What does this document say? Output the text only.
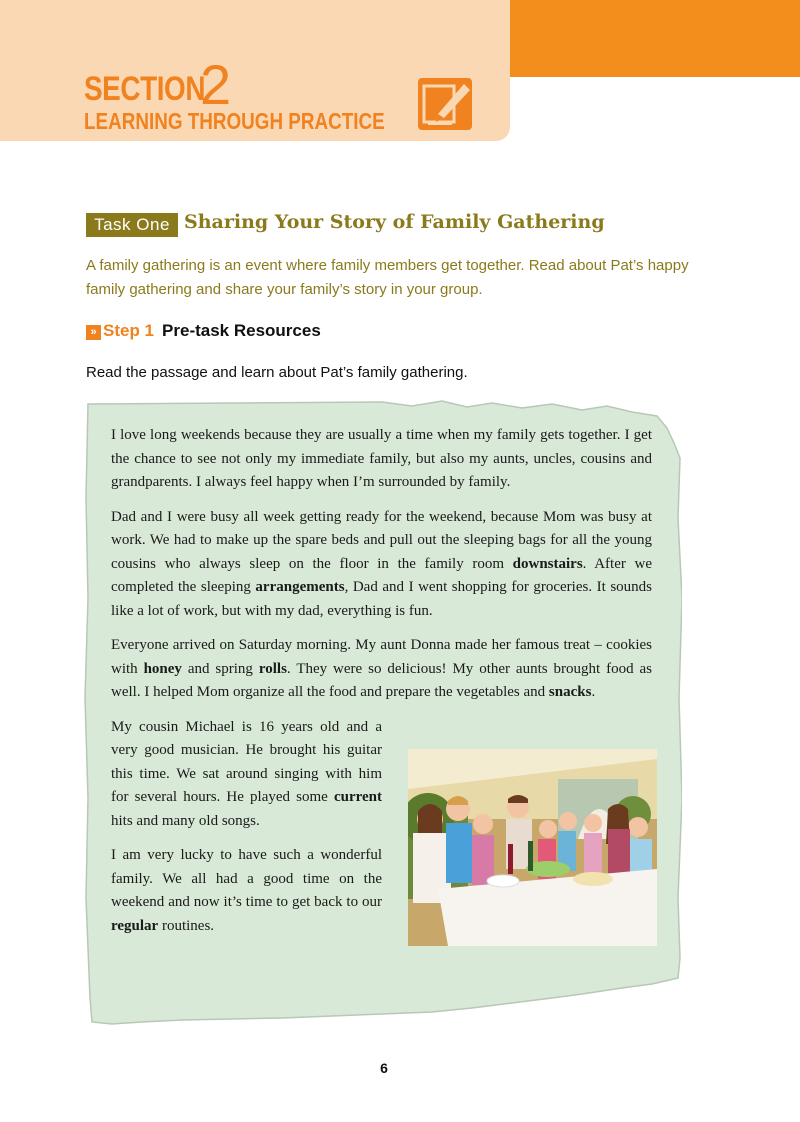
SECTION
2
LEARNING THROUGH PRACTICE
Task One Sharing Your Story of Family Gathering
A family gathering is an event where family members get together. Read about Pat’s happy family gathering and share your family’s story in your group.
» Step 1 Pre-task Resources
Read the passage and learn about Pat’s family gathering.

I love long weekends because they are usually a time when my family gets together. I get the chance to see not only my immediate family, but also my aunts, uncles, cousins and grandparents. I always feel happy when I’m surrounded by family.

Dad and I were busy all week getting ready for the weekend, because Mom was busy at work. We had to make up the spare beds and pull out the sleeping bags for all the young cousins who always sleep on the floor in the family room downstairs. After we completed the sleeping arrangements, Dad and I went shopping for groceries. It sounds like a lot of work, but with my dad, everything is fun.

Everyone arrived on Saturday morning. My aunt Donna made her famous treat – cookies with honey and spring rolls. They were so delicious! My other aunts brought food as well. I helped Mom organize all the food and prepare the vegetables and snacks.

My cousin Michael is 16 years old and a very good musician. He brought his guitar this time. We sat around singing with him for several hours. He played some current hits and many old songs.

I am very lucky to have such a wonderful family. We all had a good time on the weekend and now it’s time to get back to our regular routines.

6
